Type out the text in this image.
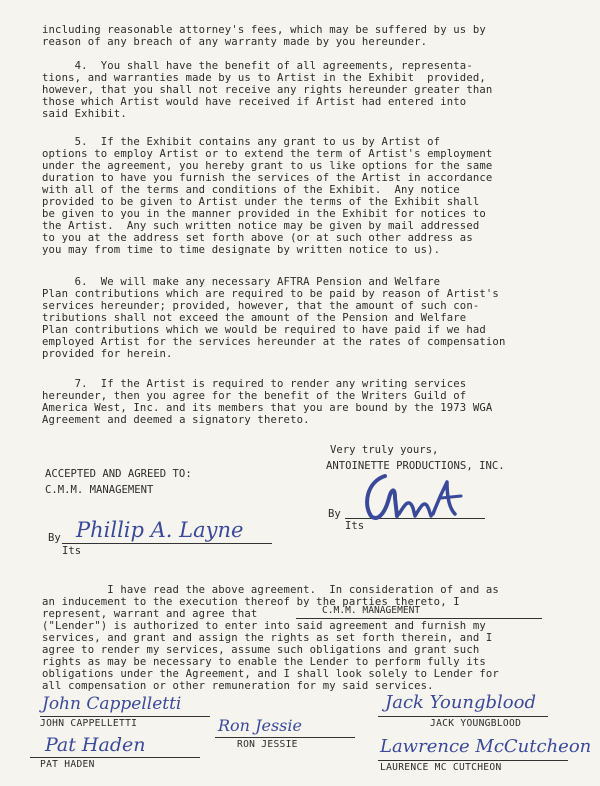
including reasonable attorney's fees, which may be suffered by us by
reason of any breach of any warranty made by you hereunder.
4.  You shall have the benefit of all agreements, representa-
tions, and warranties made by us to Artist in the Exhibit  provided,
however, that you shall not receive any rights hereunder greater than
those which Artist would have received if Artist had entered into
said Exhibit.
5.  If the Exhibit contains any grant to us by Artist of
options to employ Artist or to extend the term of Artist's employment
under the agreement, you hereby grant to us like options for the same
duration to have you furnish the services of the Artist in accordance
with all of the terms and conditions of the Exhibit.  Any notice
provided to be given to Artist under the terms of the Exhibit shall
be given to you in the manner provided in the Exhibit for notices to
the Artist.  Any such written notice may be given by mail addressed
to you at the address set forth above (or at such other address as
you may from time to time designate by written notice to us).
6.  We will make any necessary AFTRA Pension and Welfare
Plan contributions which are required to be paid by reason of Artist's
services hereunder; provided, however, that the amount of such con-
tributions shall not exceed the amount of the Pension and Welfare
Plan contributions which we would be required to have paid if we had
employed Artist for the services hereunder at the rates of compensation
provided for herein.
7.  If the Artist is required to render any writing services
hereunder, then you agree for the benefit of the Writers Guild of
America West, Inc. and its members that you are bound by the 1973 WGA
Agreement and deemed a signatory thereto.
Very truly yours,
ANTOINETTE PRODUCTIONS, INC.
By
Its
ACCEPTED AND AGREED TO:
C.M.M. MANAGEMENT
By
Its
Phillip A. Layne
I have read the above agreement.  In consideration of and as
an inducement to the execution thereof by the parties thereto, I
represent, warrant and agree that	C.M.M. MANAGEMENT
("Lender") is authorized to enter into said agreement and furnish my
services, and grant and assign the rights as set forth therein, and I
agree to render my services, assume such obligations and grant such
rights as may be necessary to enable the Lender to perform fully its
obligations under the Agreement, and I shall look solely to Lender for
all compensation or other remuneration for my said services.
John Cappelletti	Jack Youngblood
Ron Jessie
Pat Haden	Lawrence McCutcheon
JOHN CAPPELLETTI	JACK YOUNGBLOOD
RON JESSIE
PAT HADEN	LAURENCE MC CUTCHEON
